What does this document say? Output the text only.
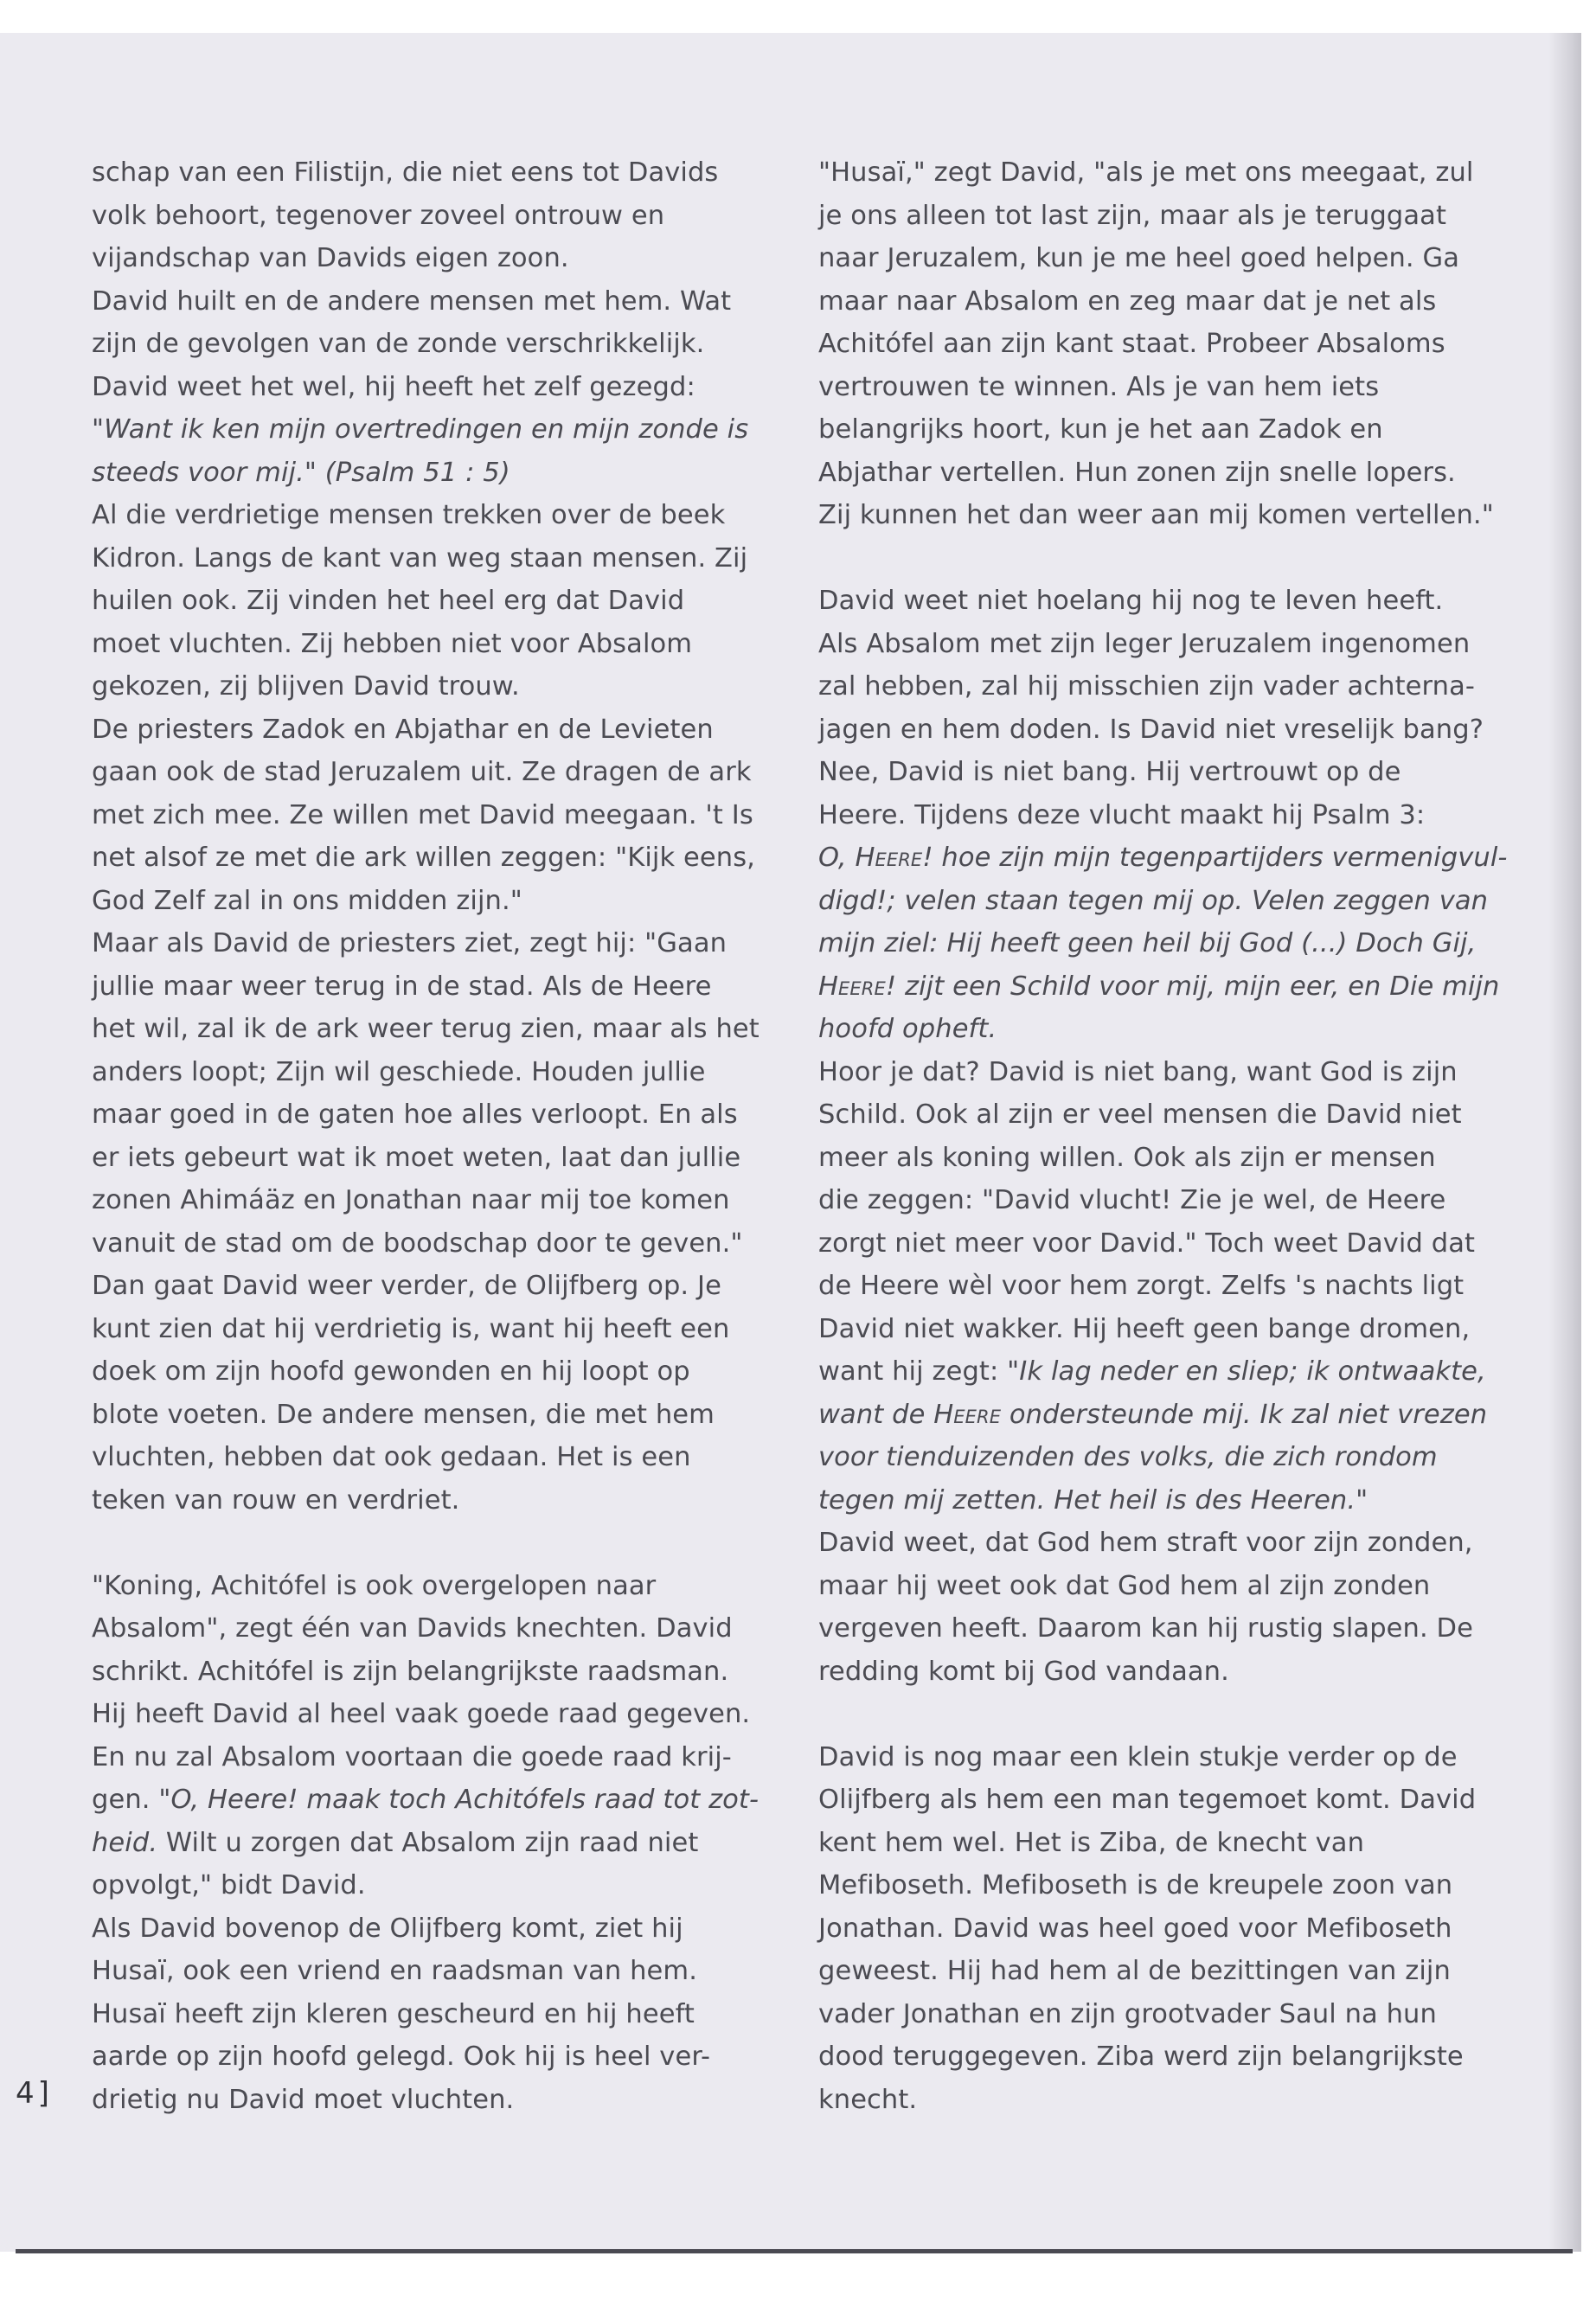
schap van een Filistijn, die niet eens tot Davids
volk behoort, tegenover zoveel ontrouw en
vijandschap van Davids eigen zoon.
David huilt en de andere mensen met hem. Wat
zijn de gevolgen van de zonde verschrikkelijk.
David weet het wel, hij heeft het zelf gezegd:
"Want ik ken mijn overtredingen en mijn zonde is
steeds voor mij." (Psalm 51 : 5)
Al die verdrietige mensen trekken over de beek
Kidron. Langs de kant van weg staan mensen. Zij
huilen ook. Zij vinden het heel erg dat David
moet vluchten. Zij hebben niet voor Absalom
gekozen, zij blijven David trouw.
De priesters Zadok en Abjathar en de Levieten
gaan ook de stad Jeruzalem uit. Ze dragen de ark
met zich mee. Ze willen met David meegaan. 't Is
net alsof ze met die ark willen zeggen: "Kijk eens,
God Zelf zal in ons midden zijn."
Maar als David de priesters ziet, zegt hij: "Gaan
jullie maar weer terug in de stad. Als de Heere
het wil, zal ik de ark weer terug zien, maar als het
anders loopt; Zijn wil geschiede. Houden jullie
maar goed in de gaten hoe alles verloopt. En als
er iets gebeurt wat ik moet weten, laat dan jullie
zonen Ahimáäz en Jonathan naar mij toe komen
vanuit de stad om de boodschap door te geven."
Dan gaat David weer verder, de Olijfberg op. Je
kunt zien dat hij verdrietig is, want hij heeft een
doek om zijn hoofd gewonden en hij loopt op
blote voeten. De andere mensen, die met hem
vluchten, hebben dat ook gedaan. Het is een
teken van rouw en verdriet.
"Koning, Achitófel is ook overgelopen naar
Absalom", zegt één van Davids knechten. David
schrikt. Achitófel is zijn belangrijkste raadsman.
Hij heeft David al heel vaak goede raad gegeven.
En nu zal Absalom voortaan die goede raad krij-
gen. "O, Heere! maak toch Achitófels raad tot zot-
heid. Wilt u zorgen dat Absalom zijn raad niet
opvolgt," bidt David.
Als David bovenop de Olijfberg komt, ziet hij
Husaï, ook een vriend en raadsman van hem.
Husaï heeft zijn kleren gescheurd en hij heeft
aarde op zijn hoofd gelegd. Ook hij is heel ver-
drietig nu David moet vluchten.
"Husaï," zegt David, "als je met ons meegaat, zul
je ons alleen tot last zijn, maar als je teruggaat
naar Jeruzalem, kun je me heel goed helpen. Ga
maar naar Absalom en zeg maar dat je net als
Achitófel aan zijn kant staat. Probeer Absaloms
vertrouwen te winnen. Als je van hem iets
belangrijks hoort, kun je het aan Zadok en
Abjathar vertellen. Hun zonen zijn snelle lopers.
Zij kunnen het dan weer aan mij komen vertellen."
David weet niet hoelang hij nog te leven heeft.
Als Absalom met zijn leger Jeruzalem ingenomen
zal hebben, zal hij misschien zijn vader achterna-
jagen en hem doden. Is David niet vreselijk bang?
Nee, David is niet bang. Hij vertrouwt op de
Heere. Tijdens deze vlucht maakt hij Psalm 3:
O, Heere! hoe zijn mijn tegenpartijders vermenigvul-
digd!; velen staan tegen mij op. Velen zeggen van
mijn ziel: Hij heeft geen heil bij God (...) Doch Gij,
Heere! zijt een Schild voor mij, mijn eer, en Die mijn
hoofd opheft.
Hoor je dat? David is niet bang, want God is zijn
Schild. Ook al zijn er veel mensen die David niet
meer als koning willen. Ook als zijn er mensen
die zeggen: "David vlucht! Zie je wel, de Heere
zorgt niet meer voor David." Toch weet David dat
de Heere wèl voor hem zorgt. Zelfs 's nachts ligt
David niet wakker. Hij heeft geen bange dromen,
want hij zegt: "Ik lag neder en sliep; ik ontwaakte,
want de Heere ondersteunde mij. Ik zal niet vrezen
voor tienduizenden des volks, die zich rondom
tegen mij zetten. Het heil is des Heeren."
David weet, dat God hem straft voor zijn zonden,
maar hij weet ook dat God hem al zijn zonden
vergeven heeft. Daarom kan hij rustig slapen. De
redding komt bij God vandaan.
David is nog maar een klein stukje verder op de
Olijfberg als hem een man tegemoet komt. David
kent hem wel. Het is Ziba, de knecht van
Mefiboseth. Mefiboseth is de kreupele zoon van
Jonathan. David was heel goed voor Mefiboseth
geweest. Hij had hem al de bezittingen van zijn
vader Jonathan en zijn grootvader Saul na hun
dood teruggegeven. Ziba werd zijn belangrijkste
knecht.
4]
